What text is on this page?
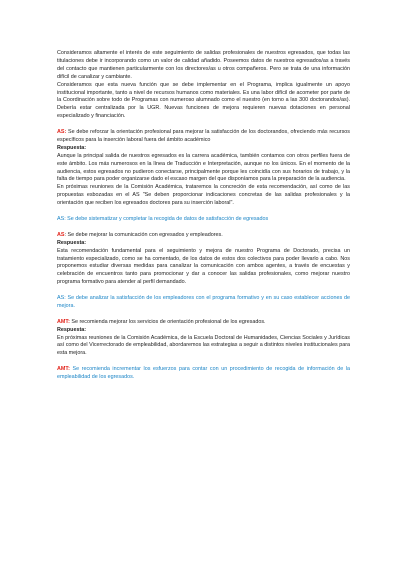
Consideramos altamente el interés de este seguimiento de salidas profesionales de nuestros egresados, que todas las titulaciones debe ir incorporando como un valor de calidad añadido. Poseemos datos de nuestros egresados/as a través del contacto que mantienen particularmente con los directores/as u otros compañeros. Pero se trata de una información difícil de canalizar y cambiante.

Consideramos que esta nueva función que se debe implementar en el Programa, implica igualmente un apoyo institucional importante, tanto a nivel de recursos humanos como materiales. Es una labor difícil de acometer por parte de la Coordinación sobre todo de Programas con numeroso alumnado como el nuestro (en torno a las 300 doctorandos/as). Debería estar centralizada por la UGR. Nuevas funciones de mejora requieren nuevas dotaciones en personal especializado y financiación.

AS: Se debe reforzar la orientación profesional para mejorar la satisfacción de los doctorandos, ofreciendo más recursos específicos para la inserción laboral fuera del ámbito académico

Respuesta:

Aunque la principal salida de nuestros egresados es la carrera académica, también contamos con otros perfiles fuera de este ámbito. Los más numerosos en la línea de Traducción e Interpretación, aunque no los únicos. En el momento de la audiencia, estos egresados no pudieron conectarse, principalmente porque les coincidía con sus horarios de trabajo, y la falta de tiempo para poder organizarse dado el escaso margen del que disponíamos para la preparación de la audiencia.

En próximas reuniones de la Comisión Académica, trataremos la concreción de esta recomendación, así como de las propuestas esbozadas en el AS "Se deben proporcionar indicaciones concretas de las salidas profesionales y la orientación que reciben los egresados doctores para su inserción laboral".

AS: Se debe sistematizar y completar la recogida de datos de satisfacción de egresados

AS: Se debe mejorar la comunicación con egresados y empleadores.

Respuesta:

Esta recomendación fundamental para el seguimiento y mejora de nuestro Programa de Doctorado, precisa un tratamiento especializado, como se ha comentado, de los datos de estos dos colectivos para poder llevarlo a cabo. Nos proponemos estudiar diversas medidas para canalizar la comunicación con ambos agentes, a través de encuestas y celebración de encuentros tanto para promocionar y dar a conocer las salidas profesionales, como mejorar nuestro programa formativo para atender al perfil demandado.

AS: Se debe analizar la satisfacción de los empleadores con el programa formativo y en su caso establecer acciones de mejora.

AMT: Se recomienda mejorar los servicios de orientación profesional de los egresados.

Respuesta:

En próximas reuniones de la Comisión Académica, de la Escuela Doctoral de Humanidades, Ciencias Sociales y Jurídicas así como del Vicerrectorado de empleabilidad, abordaremos las estrategias a seguir a distintos niveles institucionales para esta mejora.

AMT: Se recomienda incrementar los esfuerzos para contar con un procedimiento de recogida de información de la empleabilidad de los egresados.
